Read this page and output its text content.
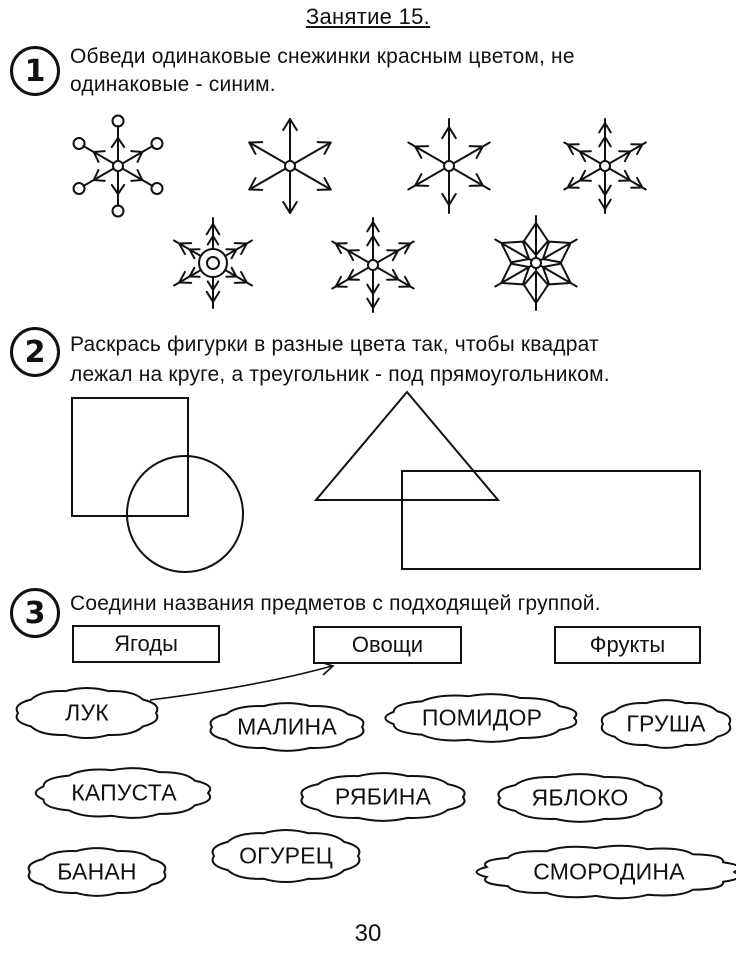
Занятие 15.
1	Обведи одинаковые снежинки красным цветом, не
одинаковые - синим.
2	Раскрась фигурки в разные цвета так, чтобы квадрат
лежал на круге, а треугольник - под прямоугольником.
3	Соедини названия предметов с подходящей группой.
Ягоды	Овощи	Фрукты
ЛУК
МАЛИНА	ПОМИДОР	ГРУША
КАПУСТА	РЯБИНА	ЯБЛОКО
БАНАН
ОГУРЕЦ
СМОРОДИНА
30
